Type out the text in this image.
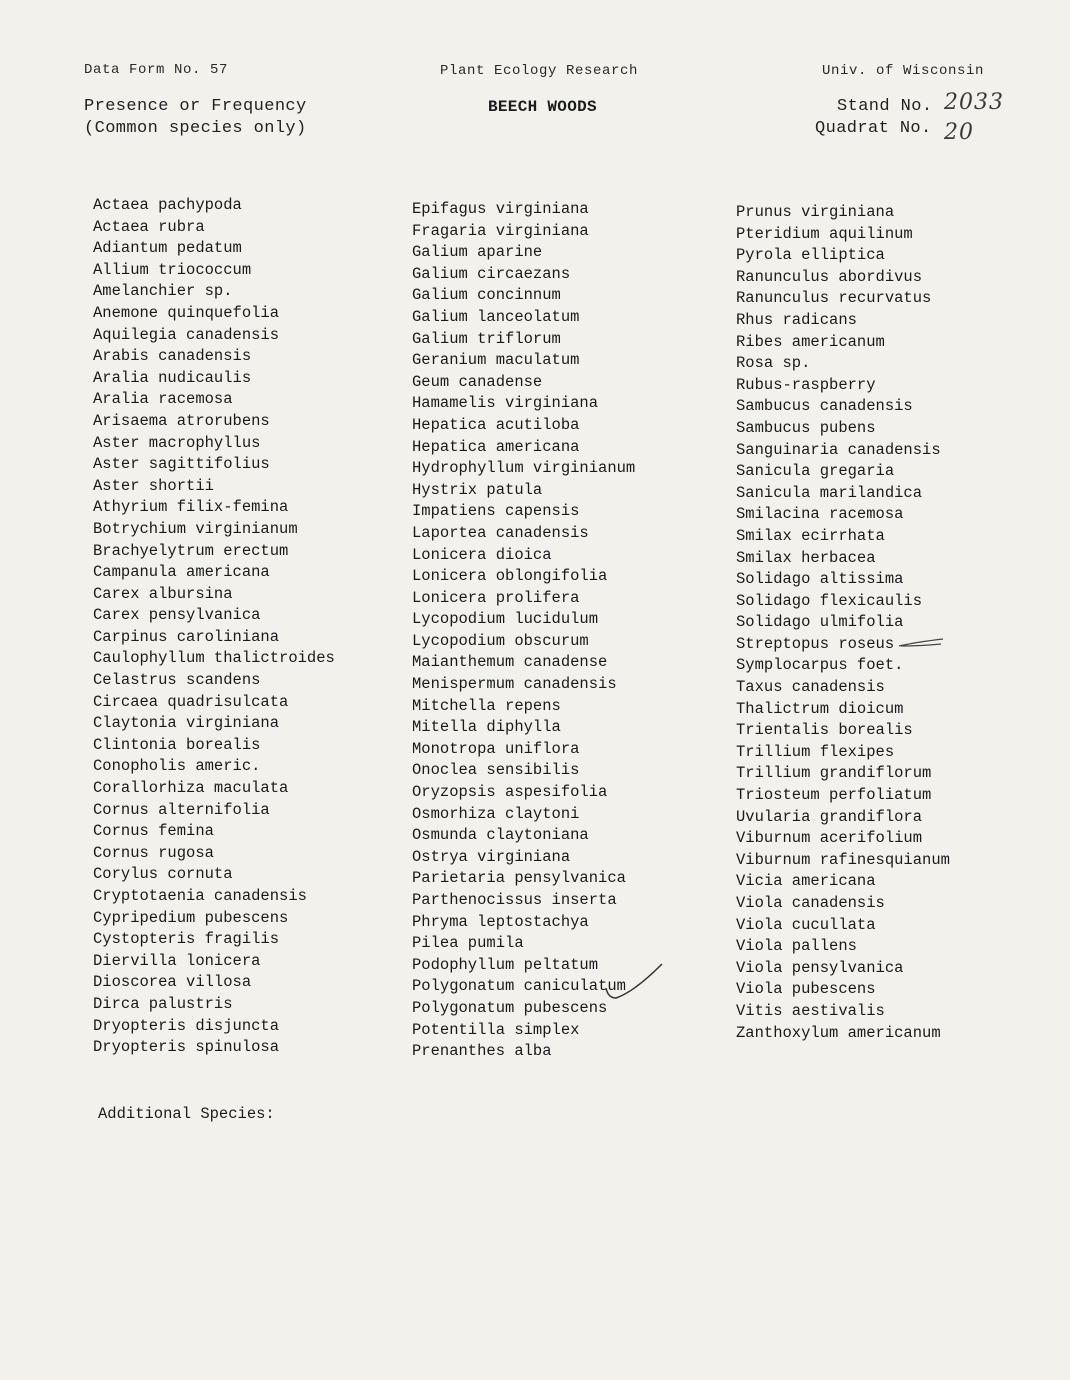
Data Form No. 57	Plant Ecology Research	Univ. of Wisconsin
Presence or Frequency
(Common species only)
BEECH WOODS	Stand No. 2033
Quadrat No. 20
Actaea pachypoda
Actaea rubra
Adiantum pedatum
Allium triococcum
Amelanchier sp.
Anemone quinquefolia
Aquilegia canadensis
Arabis canadensis
Aralia nudicaulis
Aralia racemosa
Arisaema atrorubens
Aster macrophyllus
Aster sagittifolius
Aster shortii
Athyrium filix-femina
Botrychium virginianum
Brachyelytrum erectum
Campanula americana
Carex albursina
Carex pensylvanica
Carpinus caroliniana
Caulophyllum thalictroides
Celastrus scandens
Circaea quadrisulcata
Claytonia virginiana
Clintonia borealis
Conopholis americ.
Corallorhiza maculata
Cornus alternifolia
Cornus femina
Cornus rugosa
Corylus cornuta
Cryptotaenia canadensis
Cypripedium pubescens
Cystopteris fragilis
Diervilla lonicera
Dioscorea villosa
Dirca palustris
Dryopteris disjuncta
Dryopteris spinulosa
Epifagus virginiana
Fragaria virginiana
Galium aparine
Galium circaezans
Galium concinnum
Galium lanceolatum
Galium triflorum
Geranium maculatum
Geum canadense
Hamamelis virginiana
Hepatica acutiloba
Hepatica americana
Hydrophyllum virginianum
Hystrix patula
Impatiens capensis
Laportea canadensis
Lonicera dioica
Lonicera oblongifolia
Lonicera prolifera
Lycopodium lucidulum
Lycopodium obscurum
Maianthemum canadense
Menispermum canadensis
Mitchella repens
Mitella diphylla
Monotropa uniflora
Onoclea sensibilis
Oryzopsis aspesifolia
Osmorhiza claytoni
Osmunda claytoniana
Ostrya virginiana
Parietaria pensylvanica
Parthenocissus inserta
Phryma leptostachya
Pilea pumila
Podophyllum peltatum
Polygonatum caniculatum
Polygonatum pubescens
Potentilla simplex
Prenanthes alba
Prunus virginiana
Pteridium aquilinum
Pyrola elliptica
Ranunculus abordivus
Ranunculus recurvatus
Rhus radicans
Ribes americanum
Rosa sp.
Rubus-raspberry
Sambucus canadensis
Sambucus pubens
Sanguinaria canadensis
Sanicula gregaria
Sanicula marilandica
Smilacina racemosa
Smilax ecirrhata
Smilax herbacea
Solidago altissima
Solidago flexicaulis
Solidago ulmifolia
Streptopus roseus
Symplocarpus foet.
Taxus canadensis
Thalictrum dioicum
Trientalis borealis
Trillium flexipes
Trillium grandiflorum
Triosteum perfoliatum
Uvularia grandiflora
Viburnum acerifolium
Viburnum rafinesquianum
Vicia americana
Viola canadensis
Viola cucullata
Viola pallens
Viola pensylvanica
Viola pubescens
Vitis aestivalis
Zanthoxylum americanum
Additional Species:
